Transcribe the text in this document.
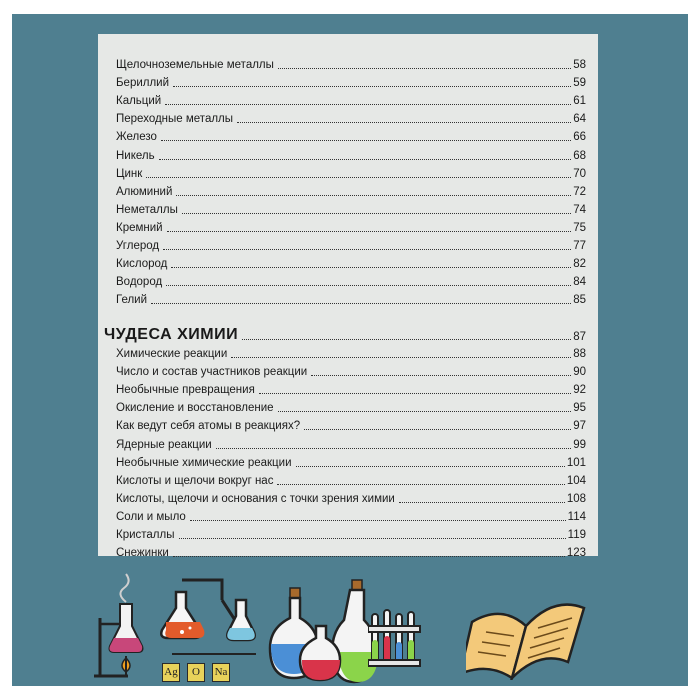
Щелочноземельные металлы	58
Бериллий	59
Кальций	61
Переходные металлы	64
Железо	66
Никель	68
Цинк	70
Алюминий	72
Неметаллы	74
Кремний	75
Углерод	77
Кислород	82
Водород	84
Гелий	85
ЧУДЕСА ХИМИИ	87
Химические реакции	88
Число и состав участников реакции	90
Необычные превращения	92
Окисление и восстановление	95
Как ведут себя атомы в реакциях?	97
Ядерные реакции	99
Необычные химические реакции	101
Кислоты и щелочи вокруг нас	104
Кислоты, щелочи и основания с точки зрения химии	108
Соли и мыло	114
Кристаллы	119
Снежинки	123
Ag	O	Na
